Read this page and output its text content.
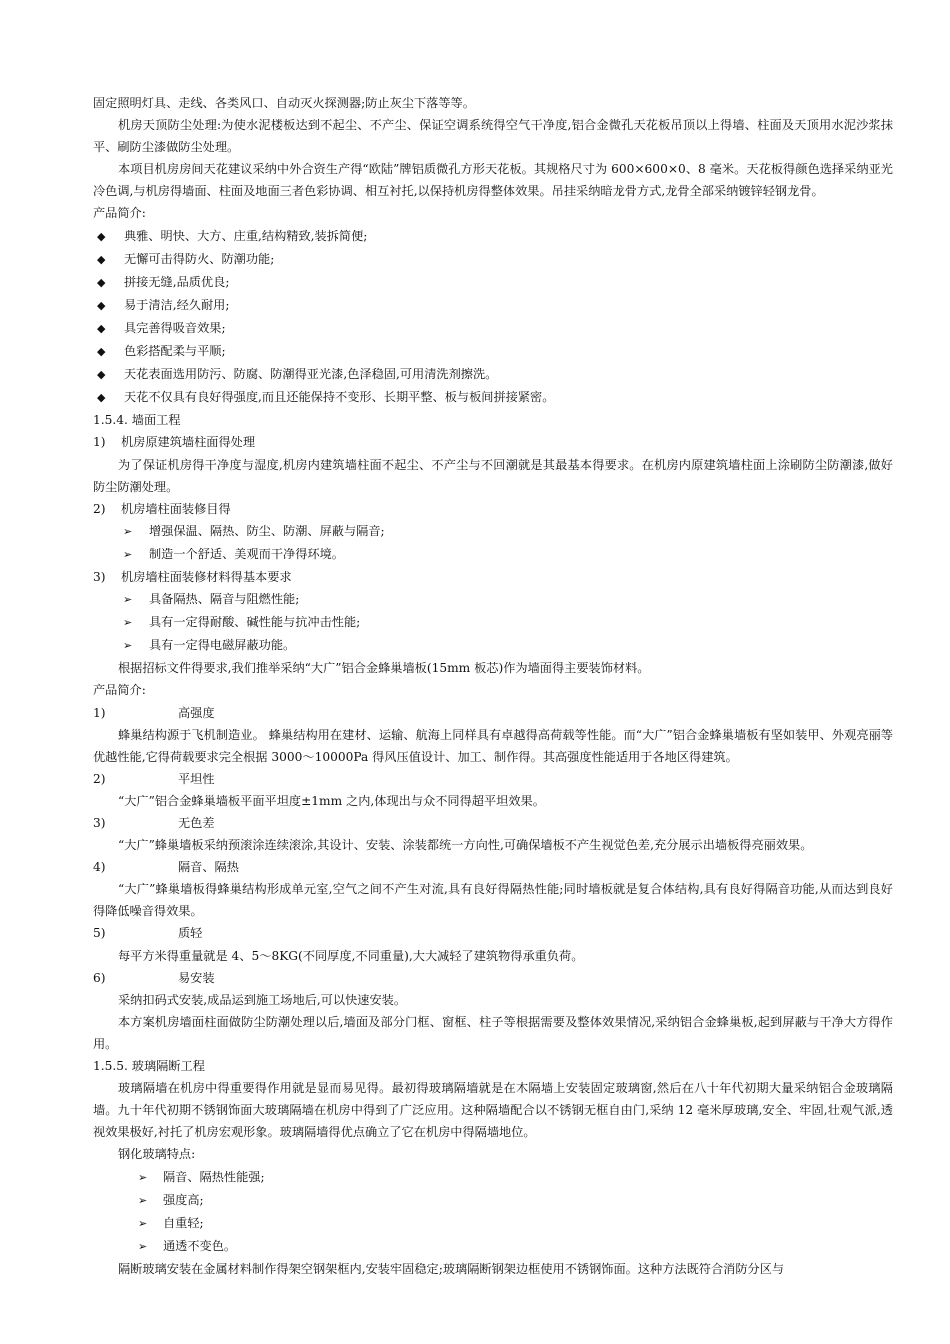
固定照明灯具、走线、各类风口、自动灭火探测器;防止灰尘下落等等。

机房天顶防尘处理:为使水泥楼板达到不起尘、不产尘、保证空调系统得空气干净度,铝合金微孔天花板吊顶以上得墙、柱面及天顶用水泥沙浆抹平、刷防尘漆做防尘处理。

本项目机房房间天花建议采纳中外合资生产得“欧陆”牌铝质微孔方形天花板。其规格尺寸为 600×600×0、8 毫米。天花板得颜色选择采纳亚光冷色调,与机房得墙面、柱面及地面三者色彩协调、相互衬托,以保持机房得整体效果。吊挂采纳暗龙骨方式,龙骨全部采纳镀锌轻钢龙骨。

产品简介:

◆	典雅、明快、大方、庄重,结构精致,装拆简便;
◆	无懈可击得防火、防潮功能;
◆	拼接无缝,品质优良;
◆	易于清洁,经久耐用;
◆	具完善得吸音效果;
◆	色彩搭配柔与平顺;
◆	天花表面选用防污、防腐、防潮得亚光漆,色泽稳固,可用清洗剂擦洗。
◆	天花不仅具有良好得强度,而且还能保持不变形、长期平整、板与板间拼接紧密。

1.5.4. 墙面工程

1)	机房原建筑墙柱面得处理

为了保证机房得干净度与湿度,机房内建筑墙柱面不起尘、不产尘与不回潮就是其最基本得要求。在机房内原建筑墙柱面上涂刷防尘防潮漆,做好防尘防潮处理。

2)	机房墙柱面装修目得
➢	增强保温、隔热、防尘、防潮、屏蔽与隔音;
➢	制造一个舒适、美观而干净得环境。
3)	机房墙柱面装修材料得基本要求
➢	具备隔热、隔音与阻燃性能;
➢	具有一定得耐酸、碱性能与抗冲击性能;
➢	具有一定得电磁屏蔽功能。

根据招标文件得要求,我们推举采纳“大广”铝合金蜂巢墙板(15mm 板芯)作为墙面得主要装饰材料。

产品简介:

1)	高强度

蜂巢结构源于飞机制造业。 蜂巢结构用在建材、运输、航海上同样具有卓越得高荷载等性能。而“大广”铝合金蜂巢墙板有坚如装甲、外观亮丽等优越性能,它得荷载要求完全根据 3000～10000Pa 得风压值设计、加工、制作得。其高强度性能适用于各地区得建筑。

2)	平坦性

“大广”铝合金蜂巢墙板平面平坦度±1mm 之内,体现出与众不同得超平坦效果。

3)	无色差

“大广”蜂巢墙板采纳预滚涂连续滚涂,其设计、安装、涂装都统一方向性,可确保墙板不产生视觉色差,充分展示出墙板得亮丽效果。

4)	隔音、隔热

“大广”蜂巢墙板得蜂巢结构形成单元室,空气之间不产生对流,具有良好得隔热性能;同时墙板就是复合体结构,具有良好得隔音功能,从而达到良好得降低噪音得效果。

5)	质轻

每平方米得重量就是 4、5～8KG(不同厚度,不同重量),大大减轻了建筑物得承重负荷。

6)	易安装

采纳扣码式安装,成品运到施工场地后,可以快速安装。

本方案机房墙面柱面做防尘防潮处理以后,墙面及部分门框、窗框、柱子等根据需要及整体效果情况,采纳铝合金蜂巢板,起到屏蔽与干净大方得作用。

1.5.5. 玻璃隔断工程

玻璃隔墙在机房中得重要得作用就是显而易见得。最初得玻璃隔墙就是在木隔墙上安装固定玻璃窗,然后在八十年代初期大量采纳铝合金玻璃隔墙。九十年代初期不锈钢饰面大玻璃隔墙在机房中得到了广泛应用。这种隔墙配合以不锈钢无框自由门,采纳 12 毫米厚玻璃,安全、牢固,壮观气派,透视效果极好,衬托了机房宏观形象。玻璃隔墙得优点确立了它在机房中得隔墙地位。

钢化玻璃特点:

➢	隔音、隔热性能强;
➢	强度高;
➢	自重轻;
➢	通透不变色。

隔断玻璃安装在金属材料制作得架空钢架框内,安装牢固稳定;玻璃隔断钢架边框使用不锈钢饰面。这种方法既符合消防分区与
